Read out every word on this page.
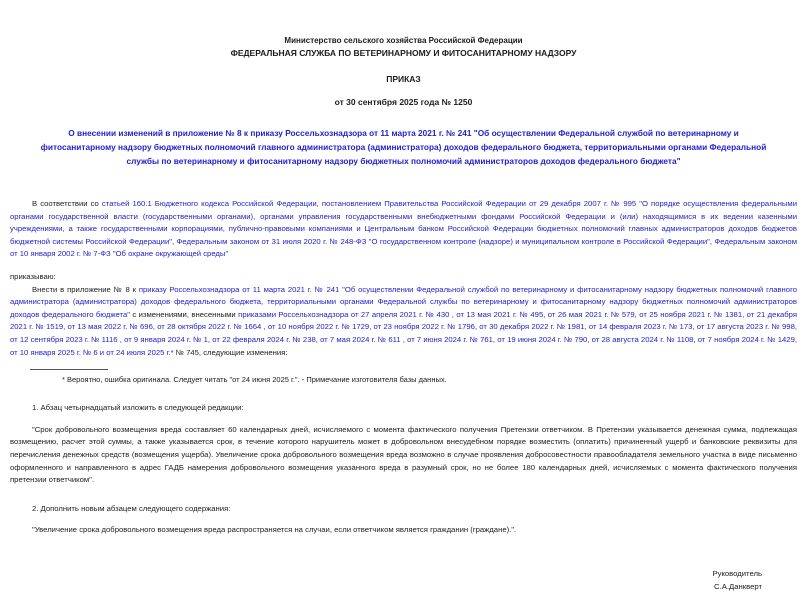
Министерство сельского хозяйства Российской Федерации
ФЕДЕРАЛЬНАЯ СЛУЖБА ПО ВЕТЕРИНАРНОМУ И ФИТОСАНИТАРНОМУ НАДЗОРУ
ПРИКАЗ
от 30 сентября 2025 года № 1250
О внесении изменений в приложение № 8 к приказу Россельхознадзора от 11 марта 2021 г. № 241 "Об осуществлении Федеральной службой по ветеринарному и фитосанитарному надзору бюджетных полномочий главного администратора (администратора) доходов федерального бюджета, территориальными органами Федеральной службы по ветеринарному и фитосанитарному надзору бюджетных полномочий администраторов доходов федерального бюджета"

В соответствии со статьей 160.1 Бюджетного кодекса Российской Федерации, постановлением Правительства Российской Федерации от 29 декабря 2007 г. № 995 "О порядке осуществления федеральными органами государственной власти (государственными органами), органами управления государственными внебюджетными фондами Российской Федерации и (или) находящимися в их ведении казенными учреждениями, а также государственными корпорациями, публично-правовыми компаниями и Центральным банком Российской Федерации бюджетных полномочий главных администраторов доходов бюджетов бюджетной системы Российской Федерации", Федеральным законом от 31 июля 2020 г. № 248-ФЗ "О государственном контроле (надзоре) и муниципальном контроле в Российской Федерации", Федеральным законом от 10 января 2002 г. № 7-ФЗ "Об охране окружающей среды"

приказываю:

Внести в приложение № 8 к приказу Россельхознадзора от 11 марта 2021 г. № 241 "Об осуществлении Федеральной службой по ветеринарному и фитосанитарному надзору бюджетных полномочий главного администратора (администратора) доходов федерального бюджета, территориальными органами Федеральной службы по ветеринарному и фитосанитарному надзору бюджетных полномочий администраторов доходов федерального бюджета" с изменениями, внесенными приказами Россельхознадзора от 27 апреля 2021 г. № 430 , от 13 мая 2021 г. № 495, от 26 мая 2021 г. № 579, от 25 ноября 2021 г. № 1381, от 21 декабря 2021 г. № 1519, от 13 мая 2022 г. № 696, от 28 октября 2022 г. № 1664 , от 10 ноября 2022 г. № 1729, от 23 ноября 2022 г. № 1796, от 30 декабря 2022 г. № 1981, от 14 февраля 2023 г. № 173, от 17 августа 2023 г. № 998, от 12 сентября 2023 г. № 1116 , от 9 января 2024 г. № 1, от 22 февраля 2024 г. № 238, от 7 мая 2024 г. № 611 , от 7 июня 2024 г. № 761, от 19 июня 2024 г. № 790, от 28 августа 2024 г. № 1108, от 7 ноября 2024 г. № 1429, от 10 января 2025 г. № 6 и от 24 июля 2025 г.* № 745, следующие изменения:

* Вероятно, ошибка оригинала. Следует читать "от 24 июня 2025 г.". - Примечание изготовителя базы данных.

1. Абзац четырнадцатый изложить в следующей редакции:

"Срок добровольного возмещения вреда составляет 60 календарных дней, исчисляемого с момента фактического получения Претензии ответчиком. В Претензии указывается денежная сумма, подлежащая возмещению, расчет этой суммы, а также указывается срок, в течение которого нарушитель может в добровольном внесудебном порядке возместить (оплатить) причиненный ущерб и банковские реквизиты для перечисления денежных средств (возмещения ущерба). Увеличение срока добровольного возмещения вреда возможно в случае проявления добросовестности правообладателя земельного участка в виде письменно оформленного и направленного в адрес ГАДБ намерения добровольного возмещения указанного вреда в разумный срок, но не более 180 календарных дней, исчисляемых с момента фактического получения претензии ответчиком".

2. Дополнить новым абзацем следующего содержания:

"Увеличение срока добровольного возмещения вреда распространяется на случаи, если ответчиком является гражданин (граждане).".

Руководитель
С.А.Данкверт
